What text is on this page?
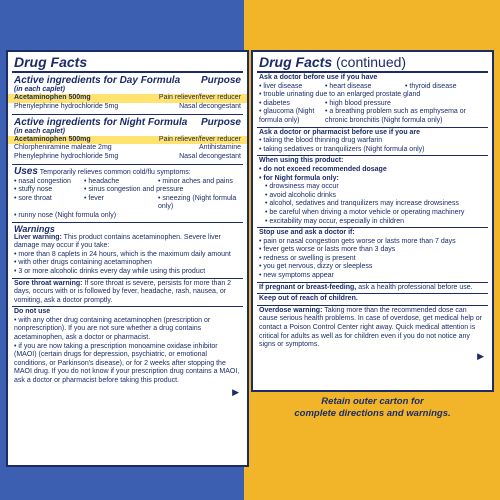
Drug Facts
Active ingredients for Day Formula Purpose
(in each caplet)
Acetaminophen 500mg	Pain reliever/fever reducer
Phenylephrine hydrochloride 5mg	Nasal decongestant
Active ingredients for Night Formula Purpose
(in each caplet)
Acetaminophen 500mg	Pain reliever/fever reducer
Chlorpheniramine maleate 2mg	Antihistamine
Phenylephrine hydrochloride 5mg	Nasal decongestant
Uses Temporarily relieves common cold/flu symptoms:
• nasal congestion	• headache	• minor aches and pains
• stuffy nose	• sinus congestion and pressure
• sore throat	• fever	• sneezing (Night formula only)
• runny nose (Night formula only)
Warnings
Liver warning: This product contains acetaminophen. Severe liver damage may occur if you take:
• more than 8 caplets in 24 hours, which is the maximum daily amount
• with other drugs containing acetaminophen
• 3 or more alcoholic drinks every day while using this product
Sore throat warning: If sore throat is severe, persists for more than 2 days, occurs with or is followed by fever, headache, rash, nausea, or vomiting, ask a doctor promptly.
Do not use
• with any other drug containing acetaminophen (prescription or nonprescription). If you are not sure whether a drug contains acetaminophen, ask a doctor or pharmacist.
• if you are now taking a prescription monoamine oxidase inhibitor (MAOI) (certain drugs for depression, psychiatric, or emotional conditions, or Parkinson's disease), or for 2 weeks after stopping the MAOI drug. If you do not know if your prescription drug contains a MAOI, ask a doctor or pharmacist before taking this product.
▶
Drug Facts (continued)
Ask a doctor before use if you have
• liver disease	• heart disease	• thyroid disease
• trouble urinating due to an enlarged prostate gland
• diabetes	• high blood pressure
• glaucoma (Night formula only)
• a breathing problem such as emphysema or chronic bronchitis (Night formula only)
Ask a doctor or pharmacist before use if you are
• taking the blood thinning drug warfarin
• taking sedatives or tranquilizers (Night formula only)
When using this product:
• do not exceed recommended dosage
• for Night formula only:
• drowsiness may occur
• avoid alcoholic drinks
• alcohol, sedatives and tranquilizers may increase drowsiness
• be careful when driving a motor vehicle or operating machinery
• excitability may occur, especially in children
Stop use and ask a doctor if:
• pain or nasal congestion gets worse or lasts more than 7 days
• fever gets worse or lasts more than 3 days
• redness or swelling is present
• you get nervous, dizzy or sleepless
• new symptoms appear
If pregnant or breast-feeding, ask a health professional before use.
Keep out of reach of children.
Overdose warning: Taking more than the recommended dose can cause serious health problems. In case of overdose, get medical help or contact a Poison Control Center right away. Quick medical attention is critical for adults as well as for children even if you do not notice any signs or symptoms.
▶
Retain outer carton for
complete directions and warnings.
